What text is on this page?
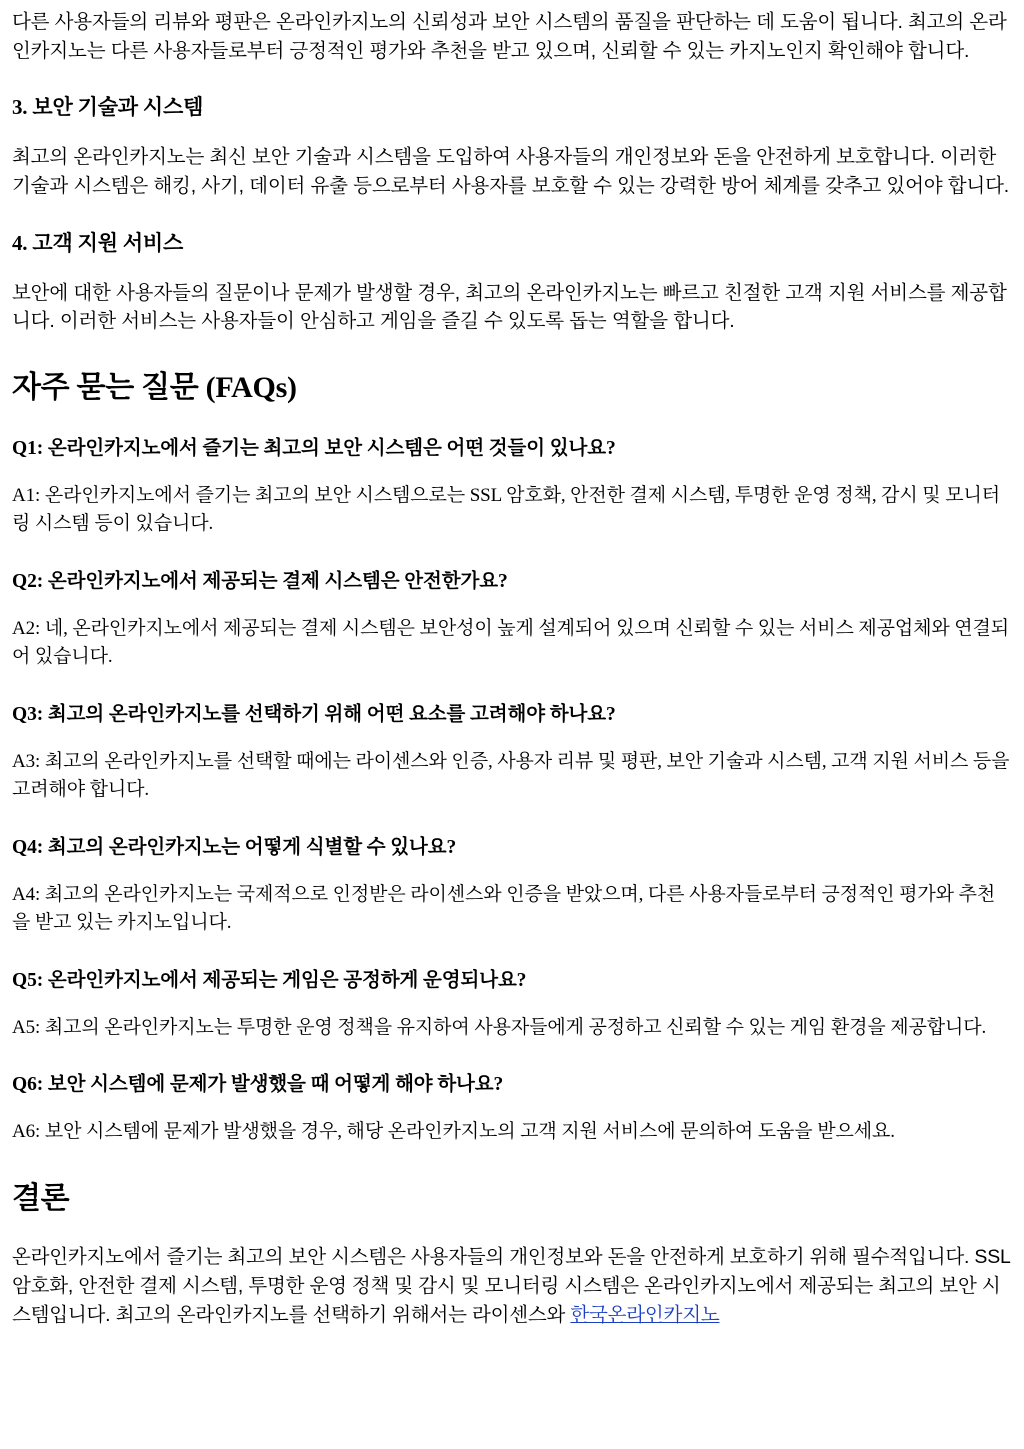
다른 사용자들의 리뷰와 평판은 온라인카지노의 신뢰성과 보안 시스템의 품질을 판단하는 데 도움이 됩니다. 최고의 온라인카지노는 다른 사용자들로부터 긍정적인 평가와 추천을 받고 있으며, 신뢰할 수 있는 카지노인지 확인해야 합니다.

3. 보안 기술과 시스템

최고의 온라인카지노는 최신 보안 기술과 시스템을 도입하여 사용자들의 개인정보와 돈을 안전하게 보호합니다. 이러한 기술과 시스템은 해킹, 사기, 데이터 유출 등으로부터 사용자를 보호할 수 있는 강력한 방어 체계를 갖추고 있어야 합니다.

4. 고객 지원 서비스

보안에 대한 사용자들의 질문이나 문제가 발생할 경우, 최고의 온라인카지노는 빠르고 친절한 고객 지원 서비스를 제공합니다. 이러한 서비스는 사용자들이 안심하고 게임을 즐길 수 있도록 돕는 역할을 합니다.

자주 묻는 질문 (FAQs)
Q1: 온라인카지노에서 즐기는 최고의 보안 시스템은 어떤 것들이 있나요?

A1: 온라인카지노에서 즐기는 최고의 보안 시스템으로는 SSL 암호화, 안전한 결제 시스템, 투명한 운영 정책, 감시 및 모니터링 시스템 등이 있습니다.

Q2: 온라인카지노에서 제공되는 결제 시스템은 안전한가요?

A2: 네, 온라인카지노에서 제공되는 결제 시스템은 보안성이 높게 설계되어 있으며 신뢰할 수 있는 서비스 제공업체와 연결되어 있습니다.

Q3: 최고의 온라인카지노를 선택하기 위해 어떤 요소를 고려해야 하나요?

A3: 최고의 온라인카지노를 선택할 때에는 라이센스와 인증, 사용자 리뷰 및 평판, 보안 기술과 시스템, 고객 지원 서비스 등을 고려해야 합니다.

Q4: 최고의 온라인카지노는 어떻게 식별할 수 있나요?

A4: 최고의 온라인카지노는 국제적으로 인정받은 라이센스와 인증을 받았으며, 다른 사용자들로부터 긍정적인 평가와 추천을 받고 있는 카지노입니다.

Q5: 온라인카지노에서 제공되는 게임은 공정하게 운영되나요?

A5: 최고의 온라인카지노는 투명한 운영 정책을 유지하여 사용자들에게 공정하고 신뢰할 수 있는 게임 환경을 제공합니다.

Q6: 보안 시스템에 문제가 발생했을 때 어떻게 해야 하나요?

A6: 보안 시스템에 문제가 발생했을 경우, 해당 온라인카지노의 고객 지원 서비스에 문의하여 도움을 받으세요.

결론

온라인카지노에서 즐기는 최고의 보안 시스템은 사용자들의 개인정보와 돈을 안전하게 보호하기 위해 필수적입니다. SSL 암호화, 안전한 결제 시스템, 투명한 운영 정책 및 감시 및 모니터링 시스템은 온라인카지노에서 제공되는 최고의 보안 시스템입니다. 최고의 온라인카지노를 선택하기 위해서는 라이센스와 한국온라인카지노
